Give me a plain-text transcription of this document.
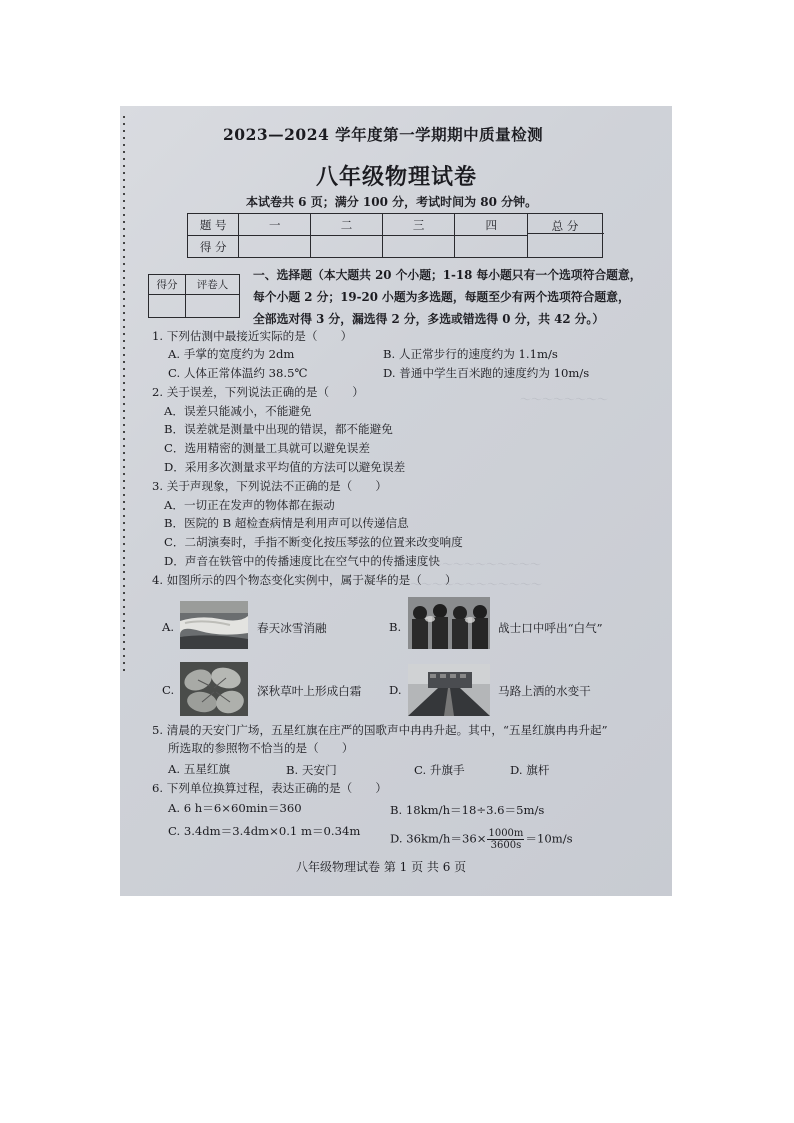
～～～～～～～～
～～～～～～～～～～～
～～～～～～～～～～～～
2023—2024 学年度第一学期期中质量检测
八年级物理试卷
本试卷共 6 页；满分 100 分，考试时间为 80 分钟。
题 号	一	二	三	四	总 分

得 分					
得分	评卷人

一、选择题（本大题共 20 个小题；1-18 每小题只有一个选项符合题意，
每个小题 2 分；19-20 小题为多选题，每题至少有两个选项符合题意，
全部选对得 3 分，漏选得 2 分，多选或错选得 0 分，共 42 分。）
1. 下列估测中最接近实际的是（　　）
A. 手掌的宽度约为 2dm	B. 人正常步行的速度约为 1.1m/s
C. 人体正常体温约 38.5℃	D. 普通中学生百米跑的速度约为 10m/s
2. 关于误差，下列说法正确的是（　　）
A．误差只能减小，不能避免
B．误差就是测量中出现的错误，都不能避免
C．选用精密的测量工具就可以避免误差
D．采用多次测量求平均值的方法可以避免误差
3. 关于声现象，下列说法不正确的是（　　）
A．一切正在发声的物体都在振动
B．医院的 B 超检查病情是利用声可以传递信息
C．二胡演奏时，手指不断变化按压琴弦的位置来改变响度
D．声音在铁管中的传播速度比在空气中的传播速度快
4. 如图所示的四个物态变化实例中，属于凝华的是（　　）
A.	春天冰雪消融	B.	战士口中呼出“白气”
C.	深秋草叶上形成白霜 D.	马路上洒的水变干
5. 清晨的天安门广场，五星红旗在庄严的国歌声中冉冉升起。其中，“五星红旗冉冉升起”
所选取的参照物不恰当的是（　　）
A. 五星红旗	B. 天安门	C. 升旗手	D. 旗杆
6. 下列单位换算过程，表达正确的是（　　）
A. 6 h＝6×60min＝360	B. 18km/h＝18÷3.6＝5m/s
C. 3.4dm＝3.4dm×0.1 m＝0.34m
D. $36km/h=36\times \frac{1000m}{3600s} =10m/s$
八年级物理试卷 第 1 页 共 6 页
